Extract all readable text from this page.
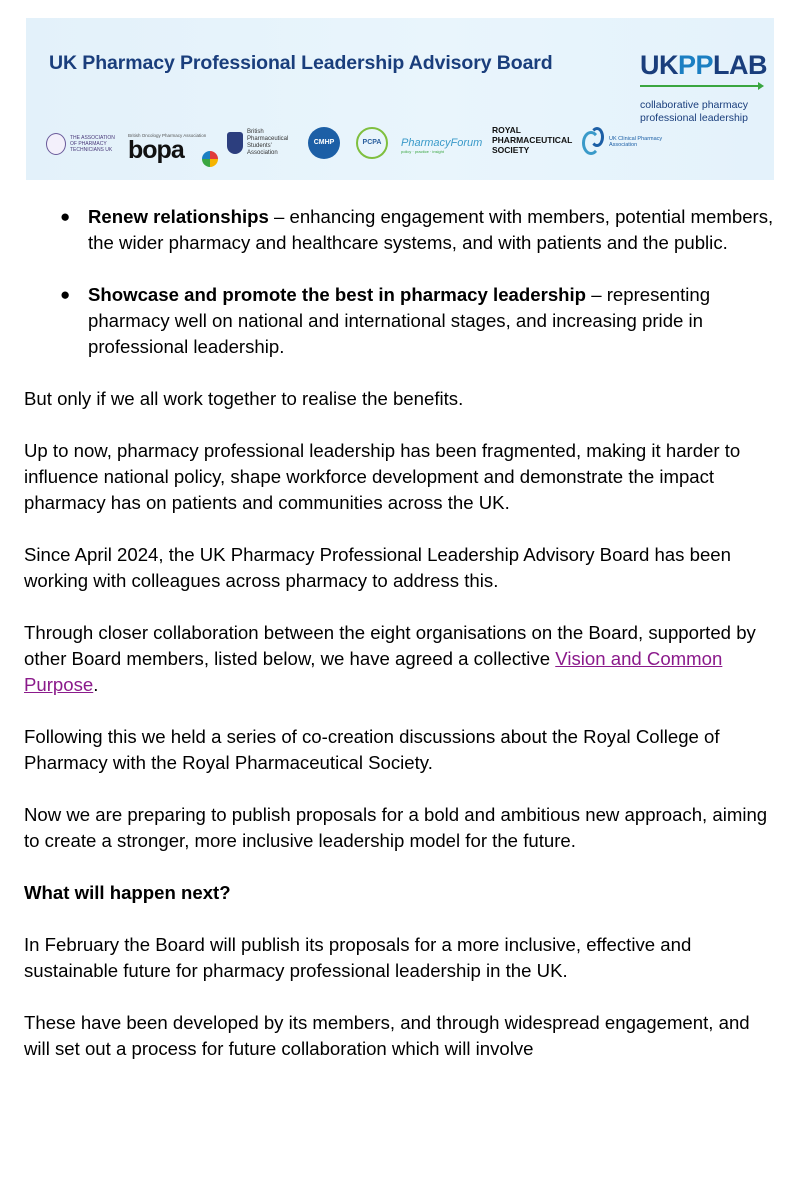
UK Pharmacy Professional Leadership Advisory Board	UKPPLAB
collaborative pharmacy
professional leadership
THE ASSOCIATION OF PHARMACY TECHNICIANS UK
British Oncology Pharmacy Association
bopa
British Pharmaceutical Students' Association
CMHP	PCPA	PharmacyForum
policy · practice · insight
ROYAL
PHARMACEUTICAL
SOCIETY
UK Clinical Pharmacy Association
● Renew relationships – enhancing engagement with members, potential members, the wider pharmacy and healthcare systems, and with patients and the public.
● Showcase and promote the best in pharmacy leadership – representing pharmacy well on national and international stages, and increasing pride in professional leadership.

But only if we all work together to realise the benefits.

Up to now, pharmacy professional leadership has been fragmented, making it harder to influence national policy, shape workforce development and demonstrate the impact pharmacy has on patients and communities across the UK.

Since April 2024, the UK Pharmacy Professional Leadership Advisory Board has been working with colleagues across pharmacy to address this.

Through closer collaboration between the eight organisations on the Board, supported by other Board members, listed below, we have agreed a collective Vision and Common Purpose.

Following this we held a series of co-creation discussions about the Royal College of Pharmacy with the Royal Pharmaceutical Society.

Now we are preparing to publish proposals for a bold and ambitious new approach, aiming to create a stronger, more inclusive leadership model for the future.

What will happen next?

In February the Board will publish its proposals for a more inclusive, effective and sustainable future for pharmacy professional leadership in the UK.

These have been developed by its members, and through widespread engagement, and will set out a process for future collaboration which will involve
